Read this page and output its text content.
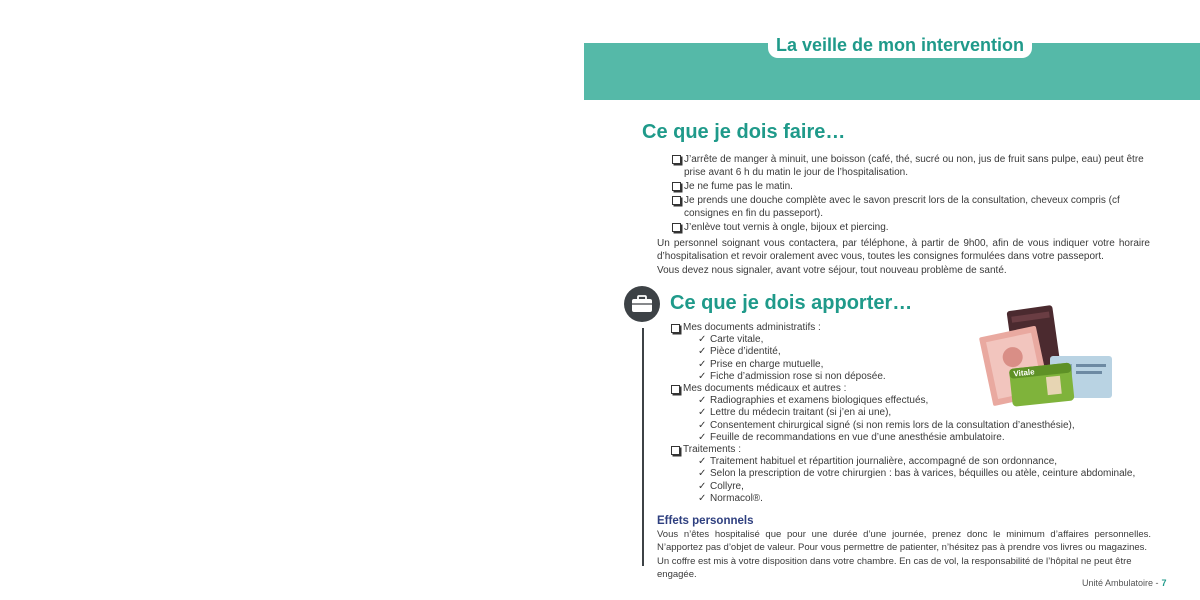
La veille de mon intervention
Ce que je dois faire…
J’arrête de manger à minuit, une boisson (café, thé, sucré ou non, jus de fruit sans pulpe, eau) peut être prise avant 6 h du matin le jour de l’hospitalisation.
Je ne fume pas le matin.
Je prends une douche complète avec le savon prescrit lors de la consultation, cheveux compris (cf consignes en fin du passeport).
J’enlève tout vernis à ongle, bijoux et piercing.
Un personnel soignant vous contactera, par téléphone, à partir de 9h00, afin de vous indiquer votre horaire d’hospitalisation et revoir oralement avec vous, toutes les consignes formulées dans votre passeport.
Vous devez nous signaler, avant votre séjour, tout nouveau problème de santé.
Ce que je dois apporter…
Mes documents administratifs :
✓ Carte vitale,
✓ Pièce d’identité,
✓ Prise en charge mutuelle,
✓ Fiche d’admission rose si non déposée.
Mes documents médicaux et autres :
✓ Radiographies et examens biologiques effectués,
✓ Lettre du médecin traitant (si j’en ai une),
✓ Consentement chirurgical signé (si non remis lors de la consultation d’anesthésie),
✓ Feuille de recommandations en vue d’une anesthésie ambulatoire.
Traitements :
✓ Traitement habituel et répartition journalière, accompagné de son ordonnance,
✓ Selon la prescription de votre chirurgien : bas à varices, béquilles ou atèle, ceinture abdominale,
✓ Collyre,
✓ Normacol®.
Vitale
Effets personnels
Vous n’êtes hospitalisé que pour une durée d’une journée, prenez donc le minimum d’affaires personnelles. N’apportez pas d’objet de valeur. Pour vous permettre de patienter, n’hésitez pas à prendre vos livres ou magazines.
Un coffre est mis à votre disposition dans votre chambre. En cas de vol, la responsabilité de l’hôpital ne peut être engagée.
Unité Ambulatoire - 7
